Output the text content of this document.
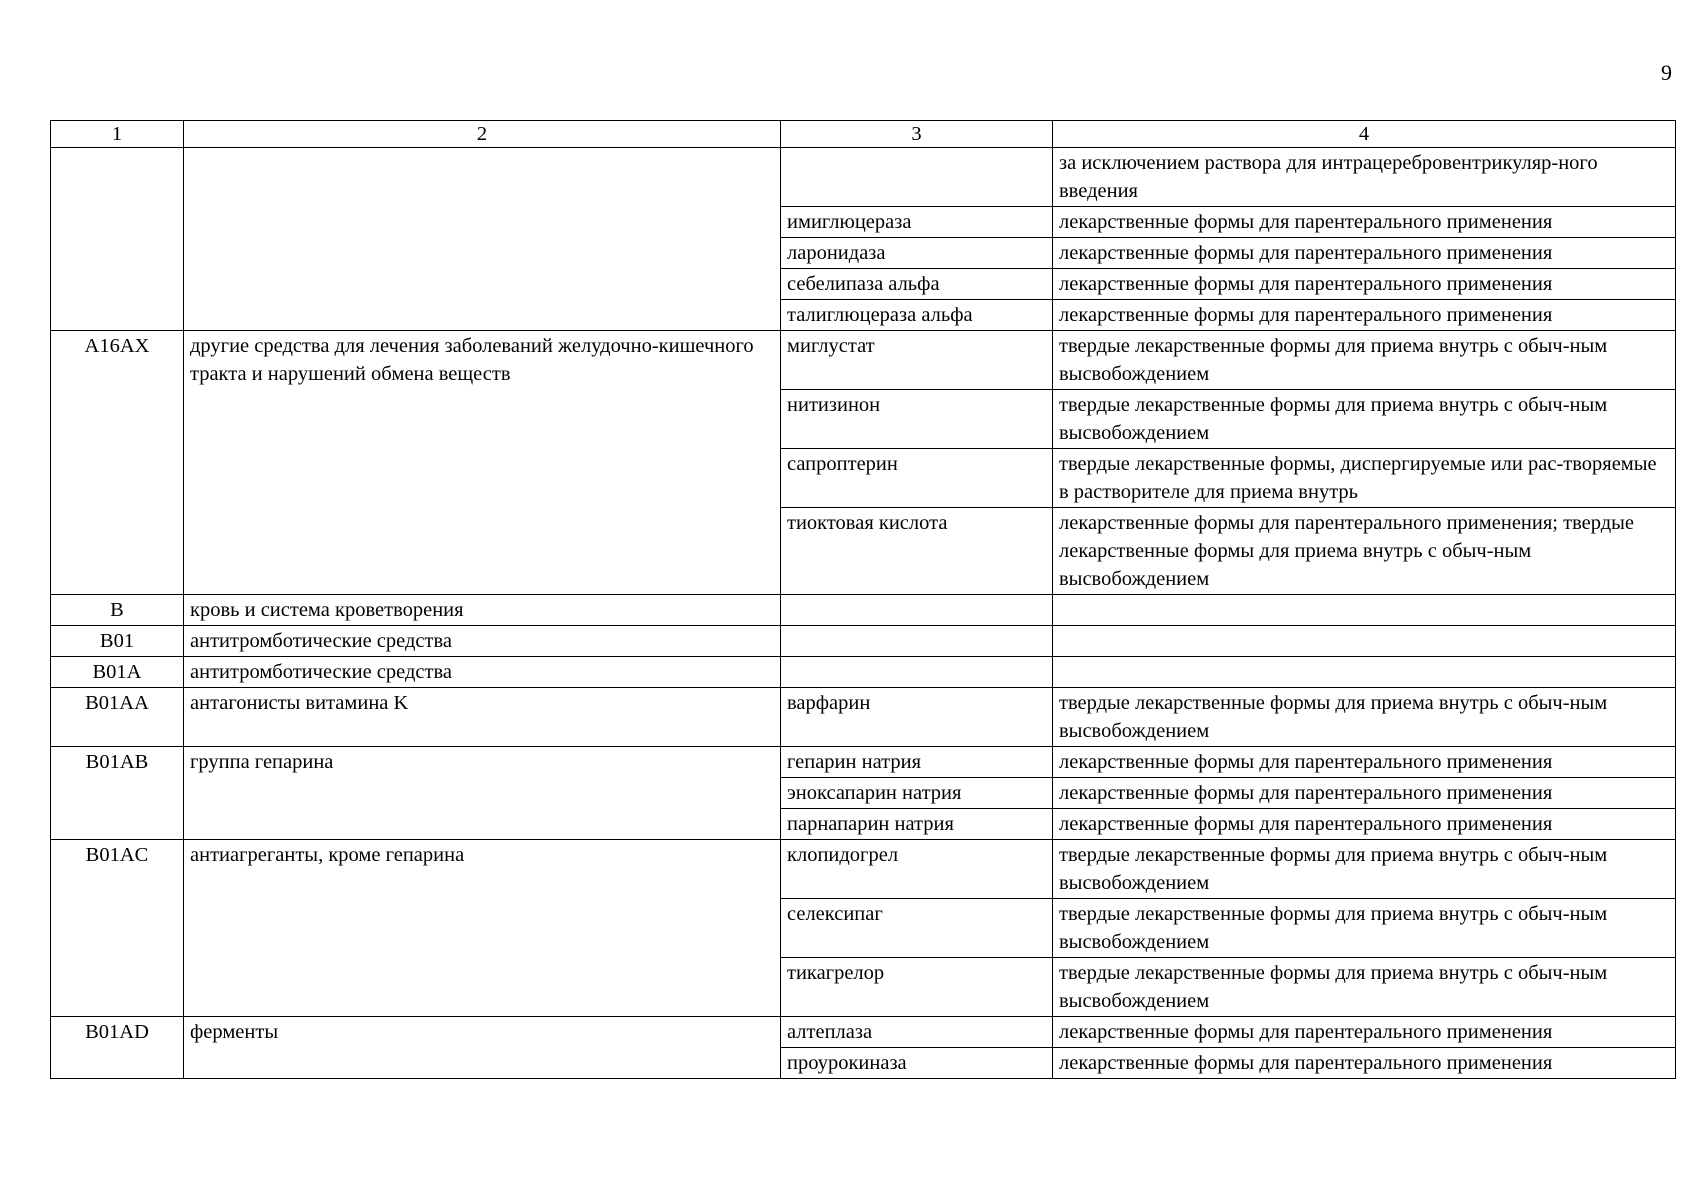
9
1	2	3	4
			за исключением раствора для интрацеребровентрикуляр-ного введения
		имиглюцераза	лекарственные формы для парентерального применения
		ларонидаза	лекарственные формы для парентерального применения
		себелипаза альфа	лекарственные формы для парентерального применения
		талиглюцераза альфа	лекарственные формы для парентерального применения
A16AX	другие средства для лечения заболеваний желудочно-кишечного тракта и нарушений обмена веществ	миглустат	твердые лекарственные формы для приема внутрь с обыч-ным высвобождением
		нитизинон	твердые лекарственные формы для приема внутрь с обыч-ным высвобождением
		сапроптерин	твердые лекарственные формы, диспергируемые или рас-творяемые в растворителе для приема внутрь
		тиоктовая кислота	лекарственные формы для парентерального применения; твердые лекарственные формы для приема внутрь с обыч-ным высвобождением
B	кровь и система кроветворения		
B01	антитромботические средства		
B01A	антитромботические средства		
B01AA	антагонисты витамина K	варфарин	твердые лекарственные формы для приема внутрь с обыч-ным высвобождением
B01AB	группа гепарина	гепарин натрия	лекарственные формы для парентерального применения
		эноксапарин натрия	лекарственные формы для парентерального применения
		парнапарин натрия	лекарственные формы для парентерального применения
B01AC	антиагреганты, кроме гепарина	клопидогрел	твердые лекарственные формы для приема внутрь с обыч-ным высвобождением
		селексипаг	твердые лекарственные формы для приема внутрь с обыч-ным высвобождением
		тикагрелор	твердые лекарственные формы для приема внутрь с обыч-ным высвобождением
B01AD	ферменты	алтеплаза	лекарственные формы для парентерального применения
		проурокиназа	лекарственные формы для парентерального применения
